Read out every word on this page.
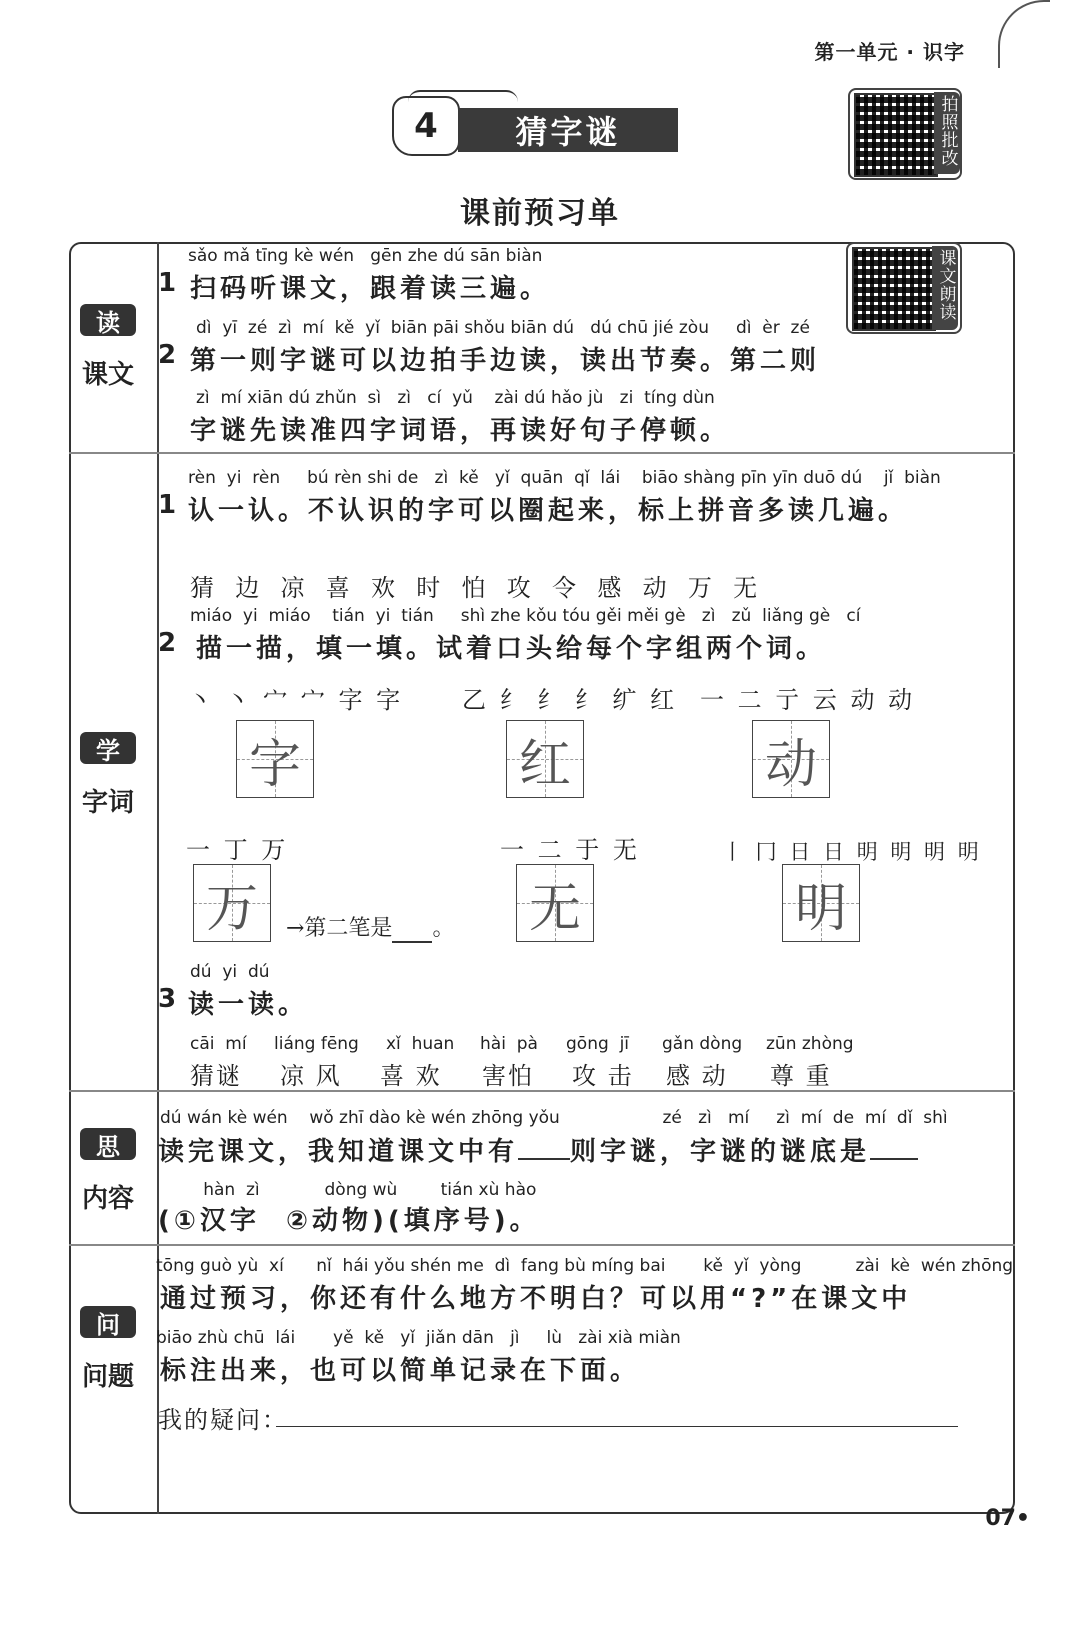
第一单元 · 识字
4	猜字谜
课前预习单
拍照批改
读
课文
学
字词
思
内容
问
问题
课文朗读
sǎo mǎ tīng kè wén   gēn zhe dú sān biàn
1 扫码听课文，跟着读三遍。
dì  yī  zé  zì  mí  kě  yǐ  biān pāi shǒu biān dú   dú chū jié zòu     dì  èr  zé
2 第一则字谜可以边拍手边读，读出节奏。第二则
zì  mí xiān dú zhǔn  sì   zì   cí  yǔ    zài dú hǎo jù   zi  tíng dùn
字谜先读准四字词语，再读好句子停顿。
rèn  yi  rèn     bú rèn shi de   zì  kě   yǐ  quān  qǐ  lái    biāo shàng pīn yīn duō dú    jǐ  biàn
1 认一认。不认识的字可以圈起来，标上拼音多读几遍。
猜  边  凉  喜  欢  时  怕  攻  令  感  动  万  无
miáo  yi  miáo    tián  yi  tián     shì zhe kǒu tóu gěi měi gè   zì   zǔ  liǎng gè   cí
2 描一描，填一填。试着口头给每个字组两个词。
丶 丶 宀 宀 字 字 乙 纟 纟 纟 纩 红 一 二 亍 云 动 动
字	红	动
一 丁 万	一 二 于 无	丨 冂 日 日 明 明 明 明
万	→第二笔是 。 无	明
dú  yi  dú
3 读一读。
cāi  mí
猜谜
liáng fēng
凉 风
xǐ  huan
喜 欢
hài  pà
害怕
gōng  jī
攻 击
gǎn dòng
感 动
zūn zhòng
尊 重
dú wán kè wén    wǒ zhī dào kè wén zhōng yǒu                   zé   zì   mí     zì  mí  de  mí  dǐ  shì
读完课文，我知道课文中有 则字谜，字谜的谜底是
hàn  zì            dòng wù        tián xù hào
(①汉字  ②动物)(填序号)。
tōng guò yù  xí      nǐ  hái yǒu shén me  dì  fang bù míng bai       kě  yǐ  yòng          zài  kè  wén zhōng
通过预习，你还有什么地方不明白？可以用“?”在课文中
biāo zhù chū  lái       yě  kě   yǐ  jiǎn dān   jì     lù   zài xià miàn
标注出来，也可以简单记录在下面。
我的疑问：
07•
